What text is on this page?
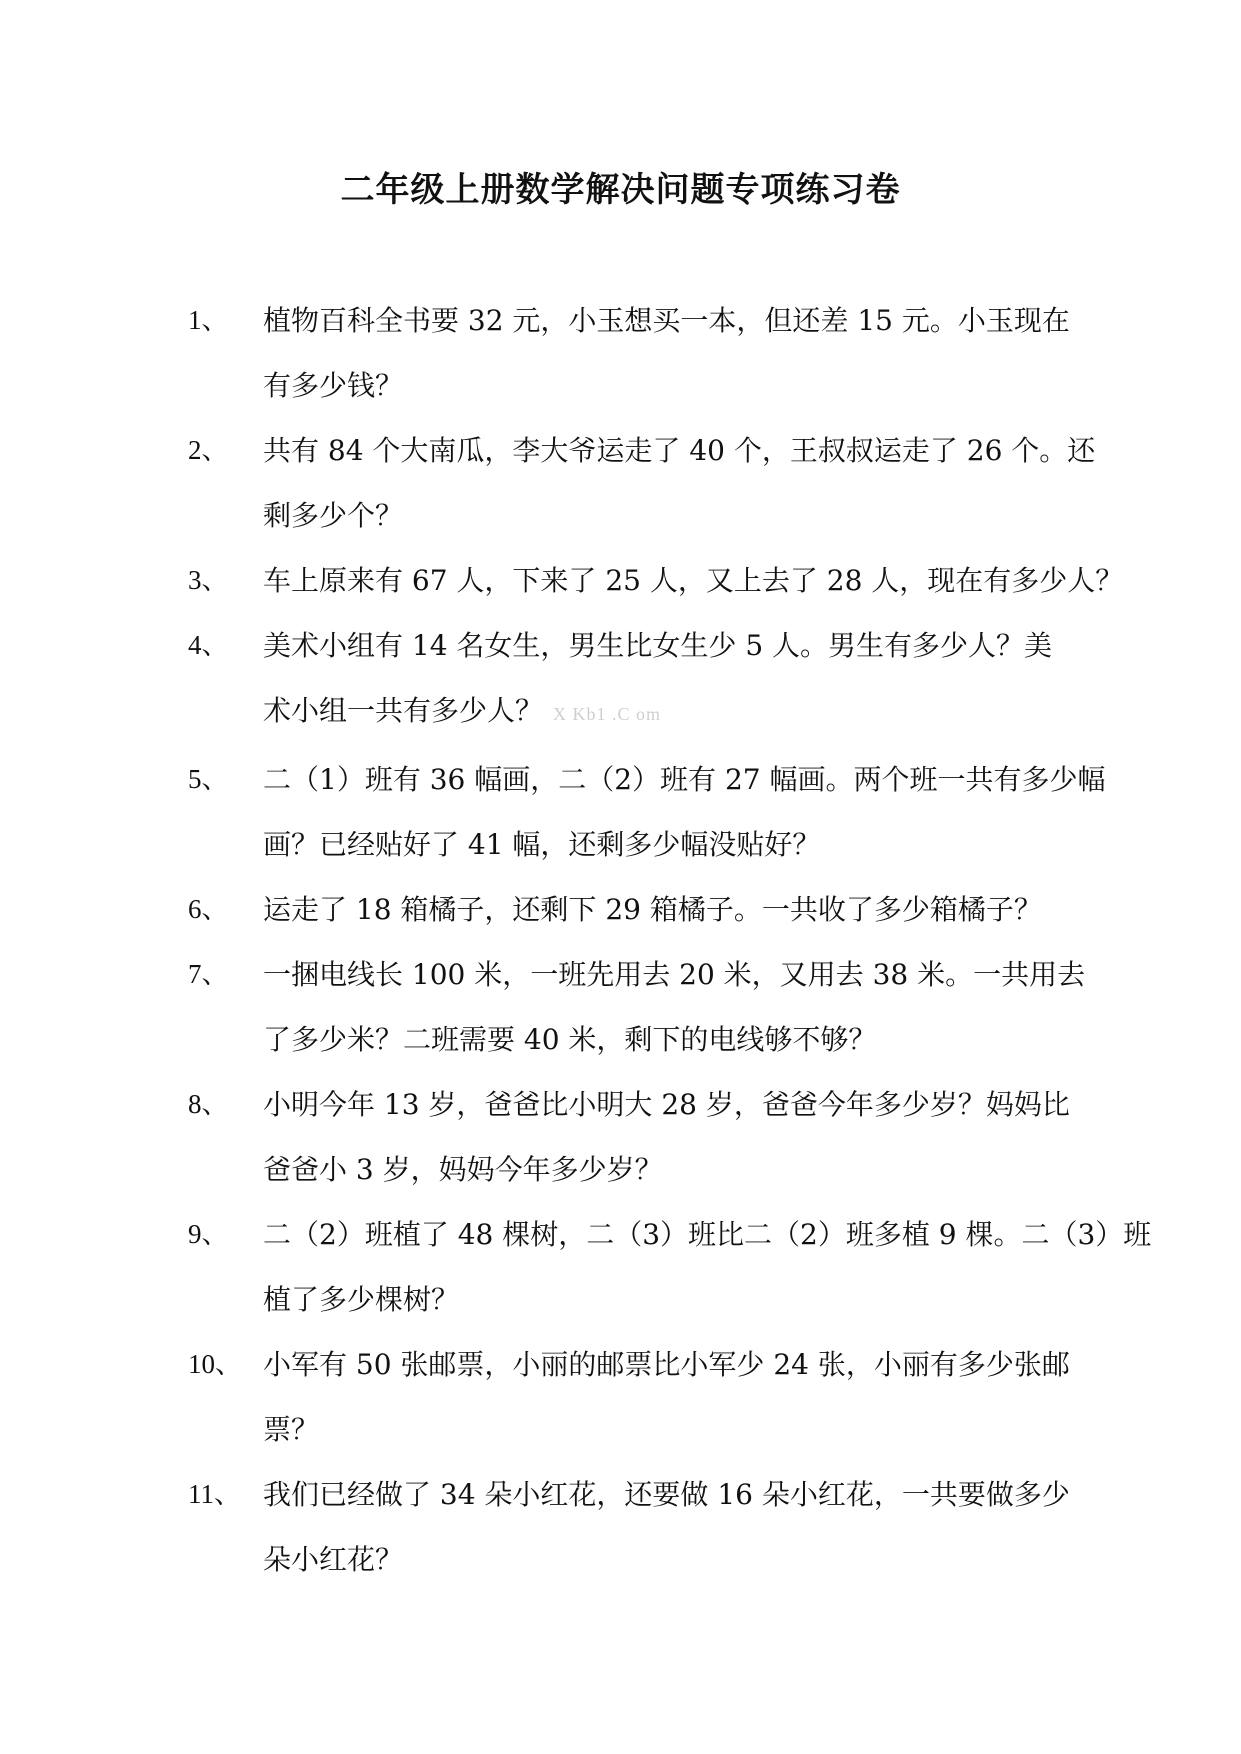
二年级上册数学解决问题专项练习卷
1、 植物百科全书要 32 元，小玉想买一本，但还差 15 元。小玉现在
有多少钱？
2、 共有 84 个大南瓜，李大爷运走了 40 个，王叔叔运走了 26 个。还
剩多少个？
3、 车上原来有 67 人，下来了 25 人，又上去了 28 人，现在有多少人？
4、 美术小组有 14 名女生，男生比女生少 5 人。男生有多少人？美
术小组一共有多少人？ X Kb1 .C om
5、 二（1）班有 36 幅画，二（2）班有 27 幅画。两个班一共有多少幅
画？已经贴好了 41 幅，还剩多少幅没贴好？
6、 运走了 18 箱橘子，还剩下 29 箱橘子。一共收了多少箱橘子？
7、 一捆电线长 100 米，一班先用去 20 米，又用去 38 米。一共用去
了多少米？二班需要 40 米，剩下的电线够不够？
8、 小明今年 13 岁，爸爸比小明大 28 岁，爸爸今年多少岁？妈妈比
爸爸小 3 岁，妈妈今年多少岁？
9、 二（2）班植了 48 棵树，二（3）班比二（2）班多植 9 棵。二（3）班
植了多少棵树？
10、 小军有 50 张邮票，小丽的邮票比小军少 24 张，小丽有多少张邮
票？
11、 我们已经做了 34 朵小红花，还要做 16 朵小红花，一共要做多少
朵小红花？
